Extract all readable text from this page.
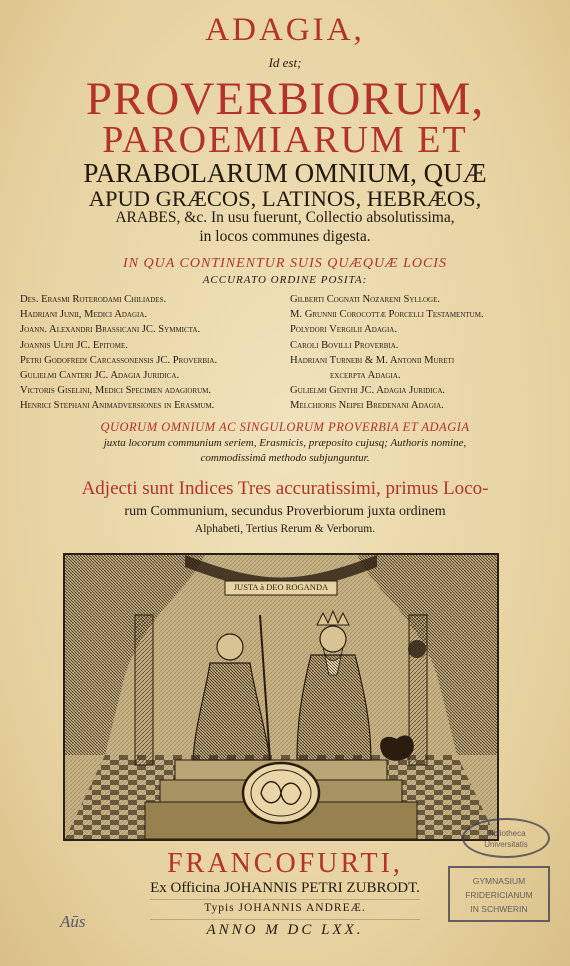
ADAGIA,
Id est;
PROVERBIORUM,
PAROEMIARUM ET
PARABOLARUM OMNIUM, QUÆ
APUD GRÆCOS, LATINOS, HEBRÆOS,
ARABES, &c. In usu fuerunt, Collectio absolutissima,
in locos communes digesta.
IN QUA CONTINENTUR SUIS QUÆQUÆ LOCIS
ACCURATO ORDINE POSITA:
Des. Erasmi Roterodami Chiliades.
Hadriani Junii, Medici Adagia.
Joann. Alexandri Brassicani JC. Symmicta.
Joannis Ulpii JC. Epitome.
Petri Godofredi Carcassonensis JC. Proverbia.
Gulielmi Canteri JC. Adagia Juridica.
Victoris Giselini, Medici Specimen adagiorum.
Henrici Stephani Animadversiones in Erasmum.
Gilberti Cognati Nozareni Sylloge.
M. Grunnii Corocottæ Porcelli Testamentum.
Polydori Vergilii Adagia.
Caroli Bovilli Proverbia.
Hadriani Turnebi & M. Antonii Mureti
excerpta Adagia.
Gulielmi Genthi JC. Adagia Juridica.
Melchioris Neipei Bredenani Adagia.
QUORUM OMNIUM AC SINGULORUM PROVERBIA ET ADAGIA
juxta locorum communium seriem, Erasmicis, præposito cujusq; Authoris nomine,
commodissimâ methodo subjunguntur.
Adjecti sunt Indices Tres accuratissimi, primus Loco-
rum Communium, secundus Proverbiorum juxta ordinem
Alphabeti, Tertius Rerum & Verborum.
JUSTA à DEO ROGANDA
FRANCOFURTI,
Ex Officina JOHANNIS PETRI ZUBRODT.
Typis JOHANNIS ANDREÆ.
ANNO M DC LXX.
Aūs
Bibliotheca
Universitatis
GYMNASIUM
FRIDERICIANUM
IN SCHWERIN
